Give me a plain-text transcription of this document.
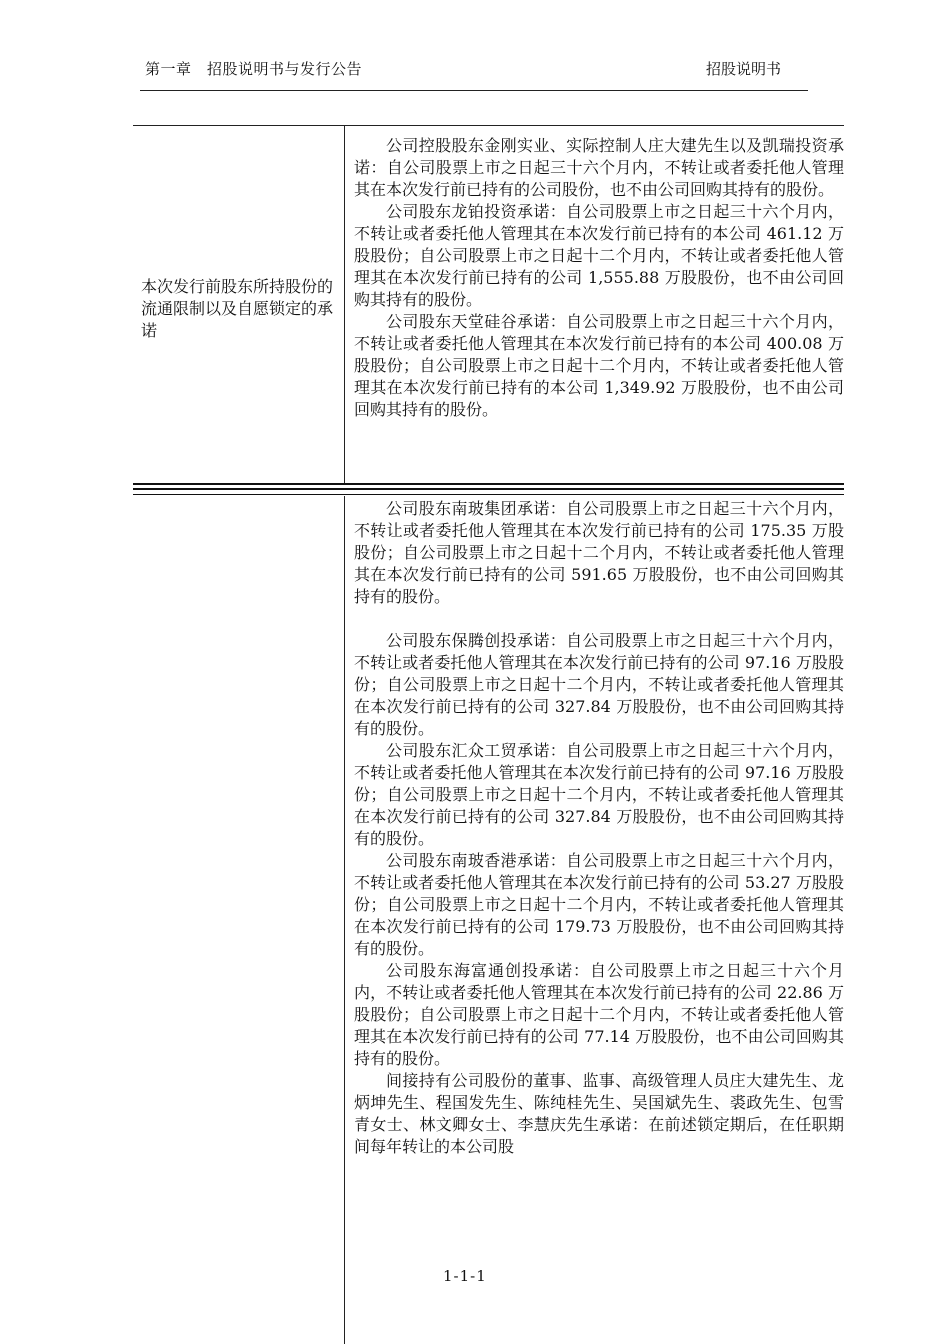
第一章　招股说明书与发行公告	招股说明书
本次发行前股东所持股份的流通限制以及自愿锁定的承诺

公司控股股东金刚实业、实际控制人庄大建先生以及凯瑞投资承诺：自公司股票上市之日起三十六个月内，不转让或者委托他人管理其在本次发行前已持有的公司股份，也不由公司回购其持有的股份。

公司股东龙铂投资承诺：自公司股票上市之日起三十六个月内，不转让或者委托他人管理其在本次发行前已持有的本公司 461.12 万股股份；自公司股票上市之日起十二个月内，不转让或者委托他人管理其在本次发行前已持有的公司 1,555.88 万股股份，也不由公司回购其持有的股份。

公司股东天堂硅谷承诺：自公司股票上市之日起三十六个月内，不转让或者委托他人管理其在本次发行前已持有的本公司 400.08 万股股份；自公司股票上市之日起十二个月内，不转让或者委托他人管理其在本次发行前已持有的本公司 1,349.92 万股股份，也不由公司回购其持有的股份。

公司股东南玻集团承诺：自公司股票上市之日起三十六个月内，不转让或者委托他人管理其在本次发行前已持有的公司 175.35 万股股份；自公司股票上市之日起十二个月内，不转让或者委托他人管理其在本次发行前已持有的公司 591.65 万股股份，也不由公司回购其持有的股份。

公司股东保腾创投承诺：自公司股票上市之日起三十六个月内，不转让或者委托他人管理其在本次发行前已持有的公司 97.16 万股股份；自公司股票上市之日起十二个月内，不转让或者委托他人管理其在本次发行前已持有的公司 327.84 万股股份，也不由公司回购其持有的股份。

公司股东汇众工贸承诺：自公司股票上市之日起三十六个月内，不转让或者委托他人管理其在本次发行前已持有的公司 97.16 万股股份；自公司股票上市之日起十二个月内，不转让或者委托他人管理其在本次发行前已持有的公司 327.84 万股股份，也不由公司回购其持有的股份。

公司股东南玻香港承诺：自公司股票上市之日起三十六个月内，不转让或者委托他人管理其在本次发行前已持有的公司 53.27 万股股份；自公司股票上市之日起十二个月内，不转让或者委托他人管理其在本次发行前已持有的公司 179.73 万股股份，也不由公司回购其持有的股份。

公司股东海富通创投承诺：自公司股票上市之日起三十六个月内，不转让或者委托他人管理其在本次发行前已持有的公司 22.86 万股股份；自公司股票上市之日起十二个月内，不转让或者委托他人管理其在本次发行前已持有的公司 77.14 万股股份，也不由公司回购其持有的股份。

间接持有公司股份的董事、监事、高级管理人员庄大建先生、龙炳坤先生、程国发先生、陈纯桂先生、吴国斌先生、裘政先生、包雪青女士、林文卿女士、李慧庆先生承诺：在前述锁定期后，在任职期间每年转让的本公司股

1-1-1
